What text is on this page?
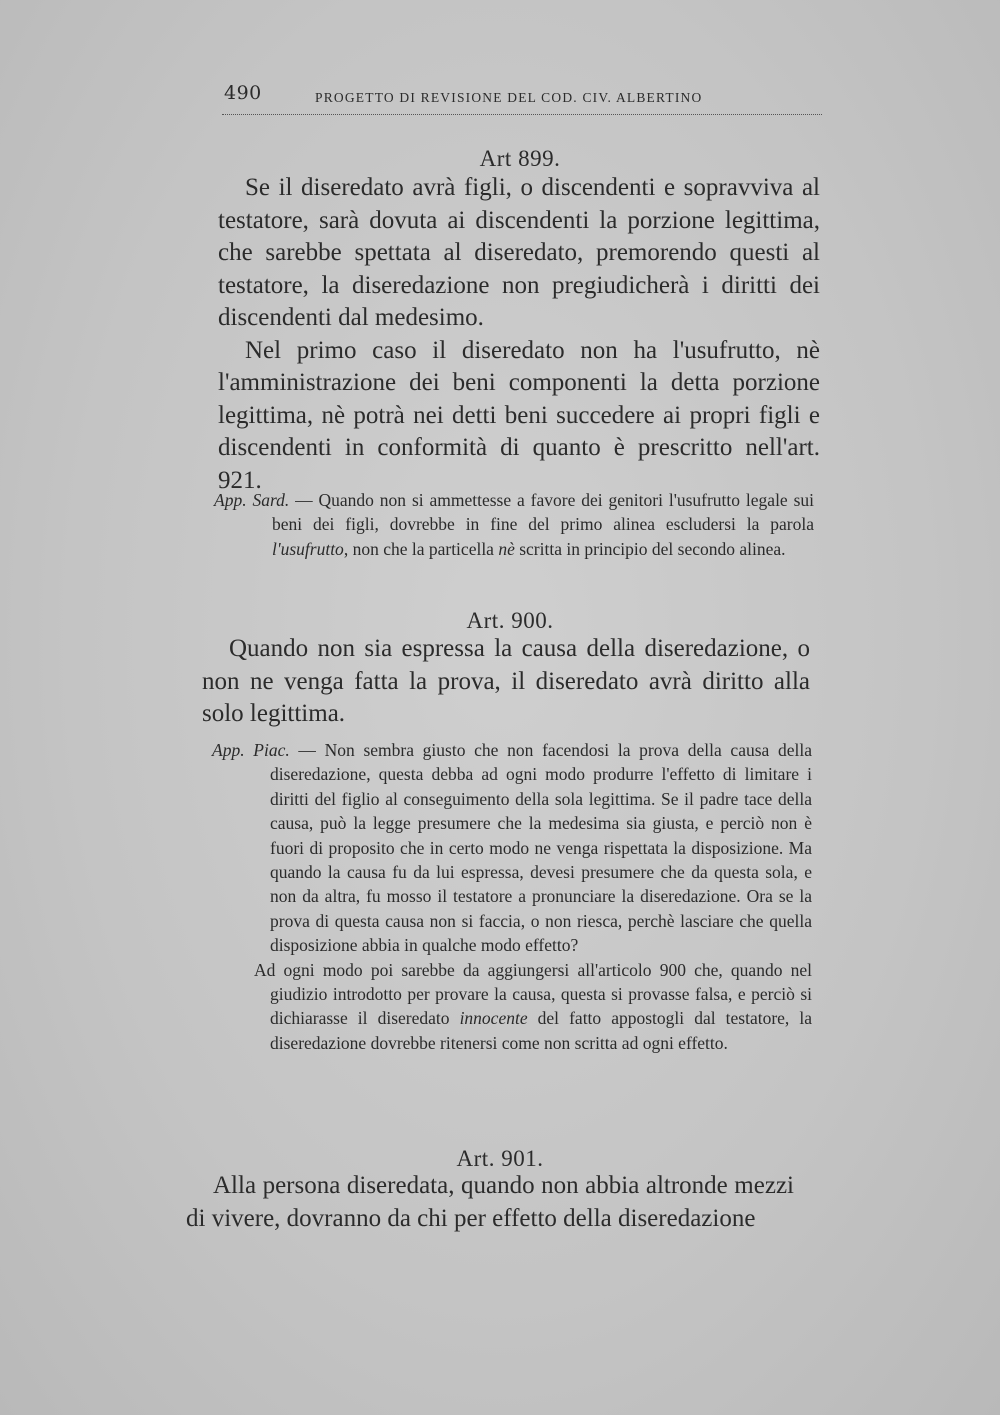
490	PROGETTO DI REVISIONE DEL COD. CIV. ALBERTINO
Art 899.

Se il diseredato avrà figli, o discendenti e sopravviva al testatore, sarà dovuta ai discendenti la porzione legittima, che sarebbe spettata al diseredato, premorendo questi al testatore, la diseredazione non pregiudicherà i diritti dei discendenti dal medesimo.

Nel primo caso il diseredato non ha l'usufrutto, nè l'amministrazione dei beni componenti la detta porzione legittima, nè potrà nei detti beni succedere ai propri figli e discendenti in conformità di quanto è prescritto nell'art. 921.

App. Sard. — Quando non si ammettesse a favore dei genitori l'usufrutto legale sui beni dei figli, dovrebbe in fine del primo alinea escludersi la parola l'usufrutto, non che la particella nè scritta in principio del secondo alinea.

Art. 900.

Quando non sia espressa la causa della diseredazione, o non ne venga fatta la prova, il diseredato avrà diritto alla solo legittima.

App. Piac. — Non sembra giusto che non facendosi la prova della causa della diseredazione, questa debba ad ogni modo produrre l'effetto di limitare i diritti del figlio al conseguimento della sola legittima. Se il padre tace della causa, può la legge presumere che la medesima sia giusta, e perciò non è fuori di proposito che in certo modo ne venga rispettata la disposizione. Ma quando la causa fu da lui espressa, devesi presumere che da questa sola, e non da altra, fu mosso il testatore a pronunciare la diseredazione. Ora se la prova di questa causa non si faccia, o non riesca, perchè lasciare che quella disposizione abbia in qualche modo effetto?

Ad ogni modo poi sarebbe da aggiungersi all'articolo 900 che, quando nel giudizio introdotto per provare la causa, questa si provasse falsa, e perciò si dichiarasse il diseredato innocente del fatto appostogli dal testatore, la diseredazione dovrebbe ritenersi come non scritta ad ogni effetto.

Art. 901.

Alla persona diseredata, quando non abbia altronde mezzi di vivere, dovranno da chi per effetto della diseredazione
